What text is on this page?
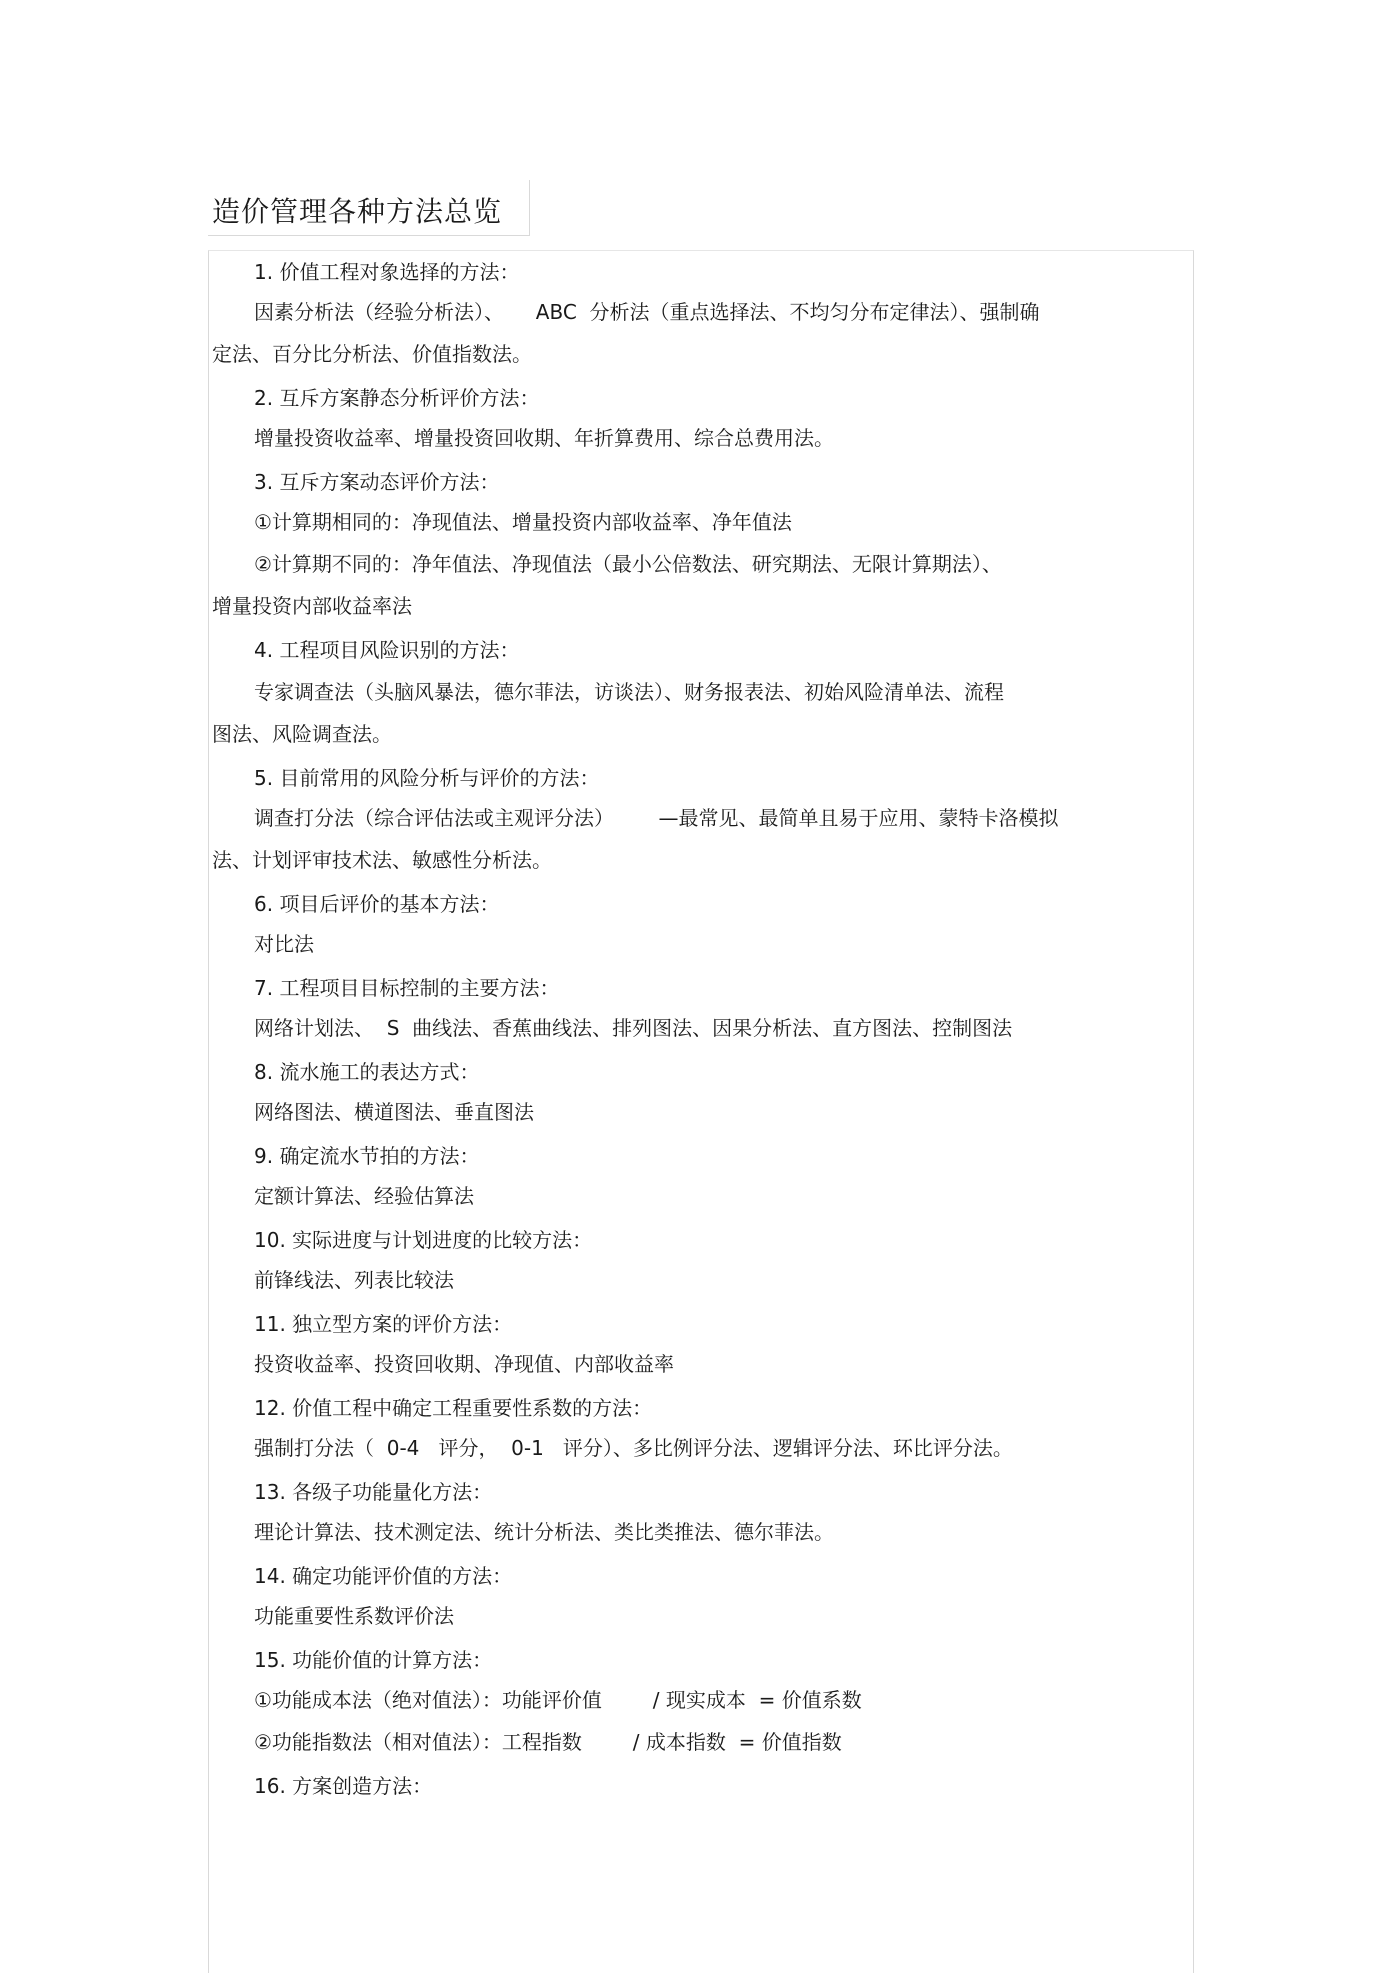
造价管理各种方法总览
1. 价值工程对象选择的方法：
因素分析法（经验分析法）、     ABC  分析法（重点选择法、不均匀分布定律法）、强制确
定法、百分比分析法、价值指数法。
2. 互斥方案静态分析评价方法：
增量投资收益率、增量投资回收期、年折算费用、综合总费用法。
3. 互斥方案动态评价方法：
①计算期相同的：净现值法、增量投资内部收益率、净年值法
②计算期不同的：净年值法、净现值法（最小公倍数法、研究期法、无限计算期法）、
增量投资内部收益率法
4. 工程项目风险识别的方法：
专家调查法（头脑风暴法，德尔菲法，访谈法）、财务报表法、初始风险清单法、流程
图法、风险调查法。
5. 目前常用的风险分析与评价的方法：
调查打分法（综合评估法或主观评分法）       —最常见、最简单且易于应用、蒙特卡洛模拟
法、计划评审技术法、敏感性分析法。
6. 项目后评价的基本方法：
对比法
7. 工程项目目标控制的主要方法：
网络计划法、  S  曲线法、香蕉曲线法、排列图法、因果分析法、直方图法、控制图法
8. 流水施工的表达方式：
网络图法、横道图法、垂直图法
9. 确定流水节拍的方法：
定额计算法、经验估算法
10. 实际进度与计划进度的比较方法：
前锋线法、列表比较法
11. 独立型方案的评价方法：
投资收益率、投资回收期、净现值、内部收益率
12. 价值工程中确定工程重要性系数的方法：
强制打分法（  0-4   评分，  0-1   评分）、多比例评分法、逻辑评分法、环比评分法。
13. 各级子功能量化方法：
理论计算法、技术测定法、统计分析法、类比类推法、德尔菲法。
14. 确定功能评价值的方法：
功能重要性系数评价法
15. 功能价值的计算方法：
①功能成本法（绝对值法）：功能评价值        / 现实成本  = 价值系数
②功能指数法（相对值法）：工程指数        / 成本指数  = 价值指数
16. 方案创造方法：
